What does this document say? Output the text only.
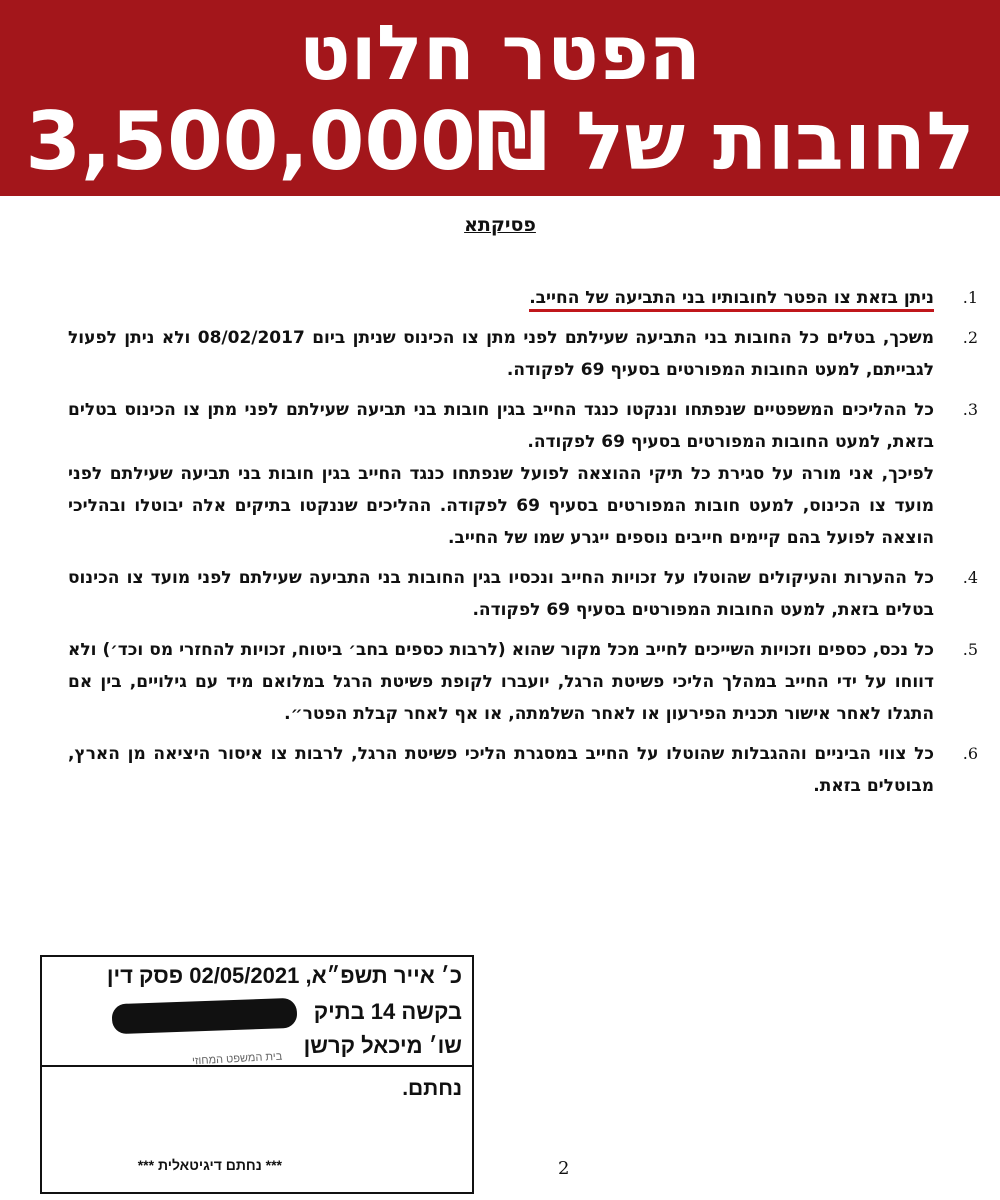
הפטר חלוט
לחובות של 3,500,000₪
פסיקתא
1.

ניתן בזאת צו הפטר לחובותיו בני התביעה של החייב.

2.

משכך, בטלים כל החובות בני התביעה שעילתם לפני מתן צו הכינוס שניתן ביום 08/02/2017 ולא ניתן לפעול לגבייתם, למעט החובות המפורטים בסעיף 69 לפקודה.

3.

כל ההליכים המשפטיים שנפתחו וננקטו כנגד החייב בגין חובות בני תביעה שעילתם לפני מתן צו הכינוס בטלים בזאת, למעט החובות המפורטים בסעיף 69 לפקודה.

לפיכך, אני מורה על סגירת כל תיקי ההוצאה לפועל שנפתחו כנגד החייב בגין חובות בני תביעה שעילתם לפני מועד צו הכינוס, למעט חובות המפורטים בסעיף 69 לפקודה. ההליכים שננקטו בתיקים אלה יבוטלו ובהליכי הוצאה לפועל בהם קיימים חייבים נוספים ייגרע שמו של החייב.

4.

כל ההערות והעיקולים שהוטלו על זכויות החייב ונכסיו בגין החובות בני התביעה שעילתם לפני מועד צו הכינוס בטלים בזאת, למעט החובות המפורטים בסעיף 69 לפקודה.

5.

כל נכס, כספים וזכויות השייכים לחייב מכל מקור שהוא (לרבות כספים בחב׳ ביטוח, זכויות להחזרי מס וכד׳) ולא דווחו על ידי החייב במהלך הליכי פשיטת הרגל, יועברו לקופת פשיטת הרגל במלואם מיד עם גילויים, בין אם התגלו לאחר אישור תכנית הפירעון או לאחר השלמתה, או אף לאחר קבלת הפטר״.

6.

כל צווי הביניים וההגבלות שהוטלו על החייב במסגרת הליכי פשיטת הרגל, לרבות צו איסור היציאה מן הארץ, מבוטלים בזאת.

כ׳ אייר תשפ״א, 02/05/2021 פסק דין
בקשה 14 בתיק
שו׳ מיכאל קרשן
בית המשפט המחוזי
נחתם.
*** נחתם דיגיטאלית ***	2
